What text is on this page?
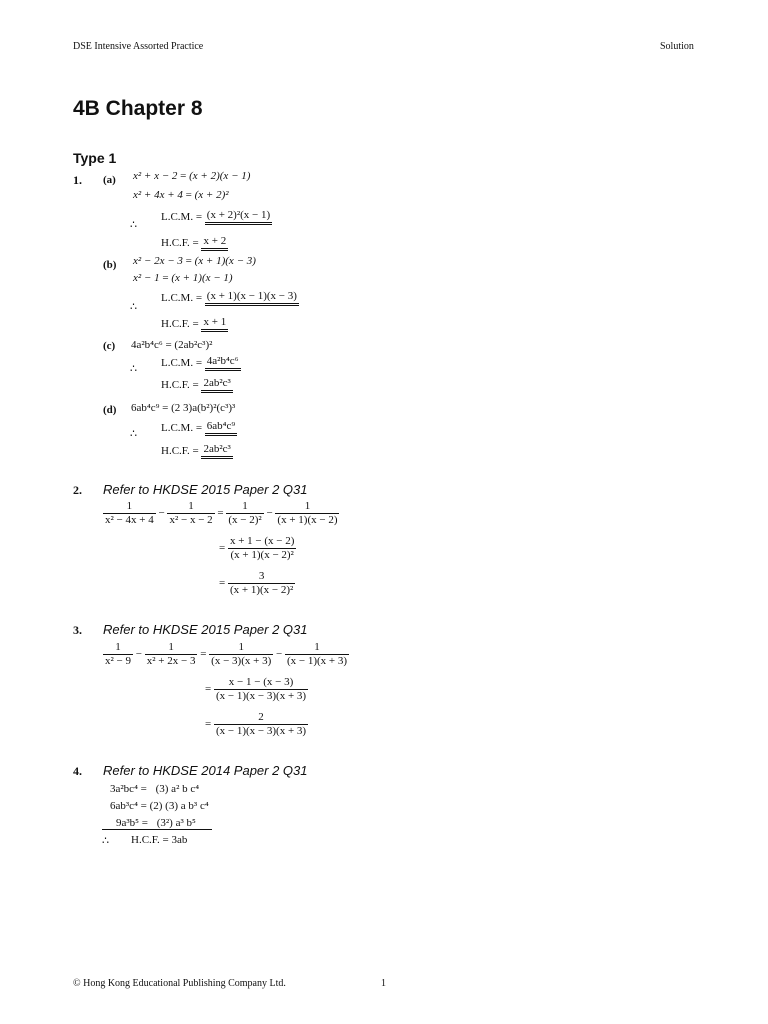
DSE Intensive Assorted Practice	Solution
4B Chapter 8
Type 1
1. (a) x² + x − 2 = (x + 2)(x − 1)
x² + 4x + 4 = (x + 2)²
∴
L.C.M. = (x + 2)²(x − 1)
H.C.F. = x + 2
(b) x² − 2x − 3 = (x + 1)(x − 3)
x² − 1 = (x + 1)(x − 1)
∴
L.C.M. = (x + 1)(x − 1)(x − 3)
H.C.F. = x + 1
(c) 4a²b⁴c⁶ = (2ab²c³)²
∴ L.C.M. = 4a²b⁴c⁶
H.C.F. = 2ab²c³
(d) 6ab⁴c⁹ = (2 3)a(b²)²(c³)³
∴ L.C.M. = 6ab⁴c⁹
H.C.F. = 2ab²c³
2. Refer to HKDSE 2015 Paper 2 Q31
$\frac{1}{\text{x² − 4x + 4}} - \frac{1}{\text{x² − x − 2}} = \frac{1}{\text{(x − 2)²}} - \frac{1}{(x + 1)(x - 2)}$
= $\frac{x + 1 - (x - 2)}{\text{(x + 1)(x − 2)²}}$
= $\frac{3}{\text{(x + 1)(x − 2)²}}$
3. Refer to HKDSE 2015 Paper 2 Q31
$\frac{1}{\text{x² − 9}} - \frac{1}{\text{x² + 2x − 3}} = \frac{1}{(x - 3)(x + 3)} - \frac{1}{(x - 1)(x + 3)}$
= $\frac{x - 1 - (x - 3)}{(x - 1)(x - 3)(x + 3)}$
= $\frac{2}{(x - 1)(x - 3)(x + 3)}$
4. Refer to HKDSE 2014 Paper 2 Q31
3a²bc⁴ = (3) a² b c⁴
6ab³c⁴ = (2) (3) a b³ c⁴
9a³b⁵ = (3²) a³ b⁵
∴ H.C.F. = 3ab
© Hong Kong Educational Publishing Company Ltd.	1
